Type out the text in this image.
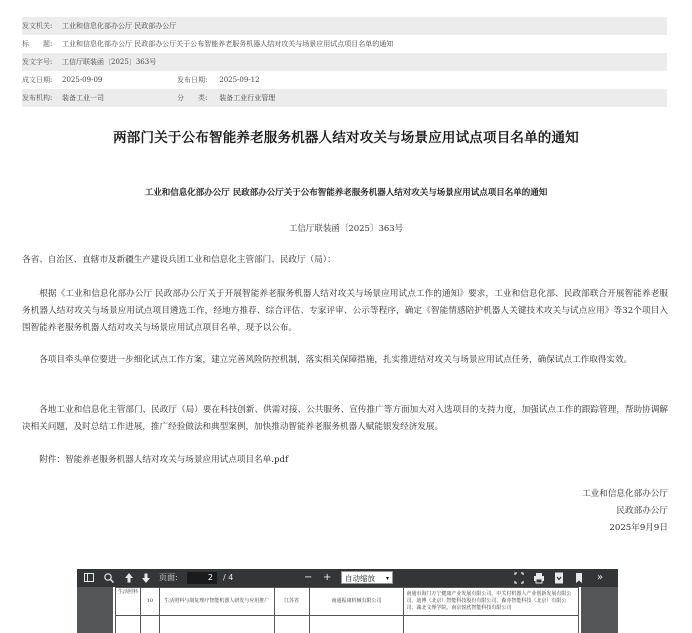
发文机关:	工业和信息化部办公厅 民政部办公厅
标　　题:	工业和信息化部办公厅 民政部办公厅关于公布智能养老服务机器人结对攻关与场景应用试点项目名单的通知
发文字号:	工信厅联装函〔2025〕363号
成文日期:	2025-09-09	发布日期: 2025-09-12
发布机构:	装备工业一司	分　　类: 装备工业行业管理
两部门关于公布智能养老服务机器人结对攻关与场景应用试点项目名单的通知
工业和信息化部办公厅 民政部办公厅关于公布智能养老服务机器人结对攻关与场景应用试点项目名单的通知
工信厅联装函〔2025〕363号
各省、自治区、直辖市及新疆生产建设兵团工业和信息化主管部门、民政厅（局）：
根据《工业和信息化部办公厅 民政部办公厅关于开展智能养老服务机器人结对攻关与场景应用试点工作的通知》要求，工业和信息化部、民政部联合开展智能养老服务机器人结对攻关与场景应用试点项目遴选工作，经地方推荐、综合评估、专家评审、公示等程序，确定《智能情感陪护机器人关键技术攻关与试点应用》等32个项目入围智能养老服务机器人结对攻关与场景应用试点项目名单，现予以公布。
各项目牵头单位要进一步细化试点工作方案，建立完善风险防控机制，落实相关保障措施，扎实推进结对攻关与场景应用试点任务，确保试点工作取得实效。
各地工业和信息化主管部门、民政厅（局）要在科技创新、供需对接、公共服务、宣传推广等方面加大对入选项目的支持力度，加强试点工作的跟踪管理，帮助协调解决相关问题，及时总结工作进展，推广经验做法和典型案例，加快推动智能养老服务机器人赋能银发经济发展。
附件：智能养老服务机器人结对攻关与场景应用试点项目名单.pdf
工业和信息化部办公厅
民政部办公厅
2025年9月9日
页面:	2	/ 4	− +	自动缩放 ▾	»
	10	生活照料与康复理疗智能机器人研发与应用推广	江苏省	南通振康机械有限公司	南通市海门万宁健康产业发展有限公司、中关村机器人产业创新发展有限公司、迪博（北京）智能科技股份有限公司、森亦智能科技（北京）有限公司、湖北文理学院、南京悦欣智能科技有限公司

生活照料
